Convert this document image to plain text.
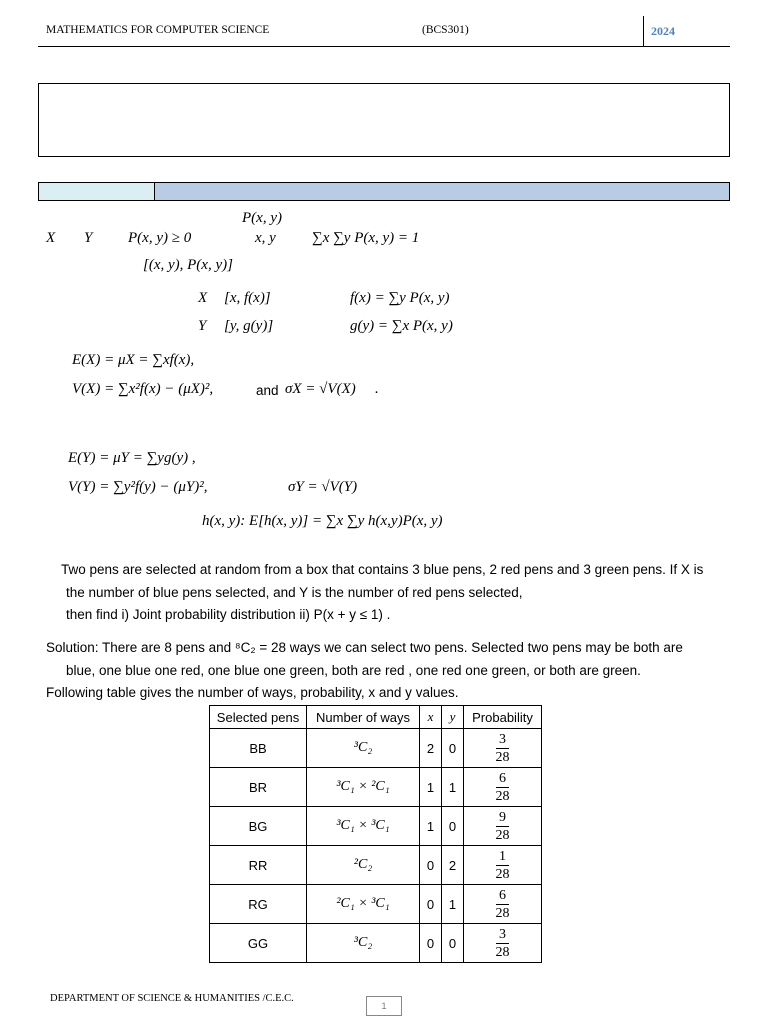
MATHEMATICS FOR COMPUTER SCIENCE	(BCS301)	2024
P(x, y)
X Y P(x, y) ≥ 0	x, y ∑x ∑y P(x, y) = 1
[(x, y), P(x, y)]
X [x, f(x)]	f(x) = ∑y P(x, y)
Y [y, g(y)]	g(y) = ∑x P(x, y)
E(X) = μX = ∑xf(x),
V(X) = ∑x²f(x) − (μX)²,	and σX = √V(X) .
E(Y) = μY = ∑yg(y) ,
V(Y) = ∑y²f(y) − (μY)²,	σY = √V(Y)
h(x, y): E[h(x, y)] = ∑x ∑y h(x,y)P(x, y)
Two pens are selected at random from a box that contains 3 blue pens, 2 red pens and 3 green pens. If X is
the number of blue pens selected, and Y is the number of red pens selected,
then find i) Joint probability distribution ii) P(x + y ≤ 1) .
Solution: There are 8 pens and ⁸C₂ = 28 ways we can select two pens. Selected two pens may be both are
blue, one blue one red, one blue one green, both are red , one red one green, or both are green.
Following table gives the number of ways, probability, x and y values.
Selected pens	Number of ways	x	y	Probability
BB	³C₂	2	0	$\frac{3}{28}$

BR	³C₁ × ²C₁	1	1	$\frac{6}{28}$

BG	³C₁ × ³C₁	1	0	$\frac{9}{28}$

RR	²C₂	0	2	$\frac{1}{28}$

RG	²C₁ × ³C₁	0	1	$\frac{6}{28}$

GG	³C₂	0	0	$\frac{3}{28}$
DEPARTMENT OF SCIENCE & HUMANITIES /C.E.C.
1
